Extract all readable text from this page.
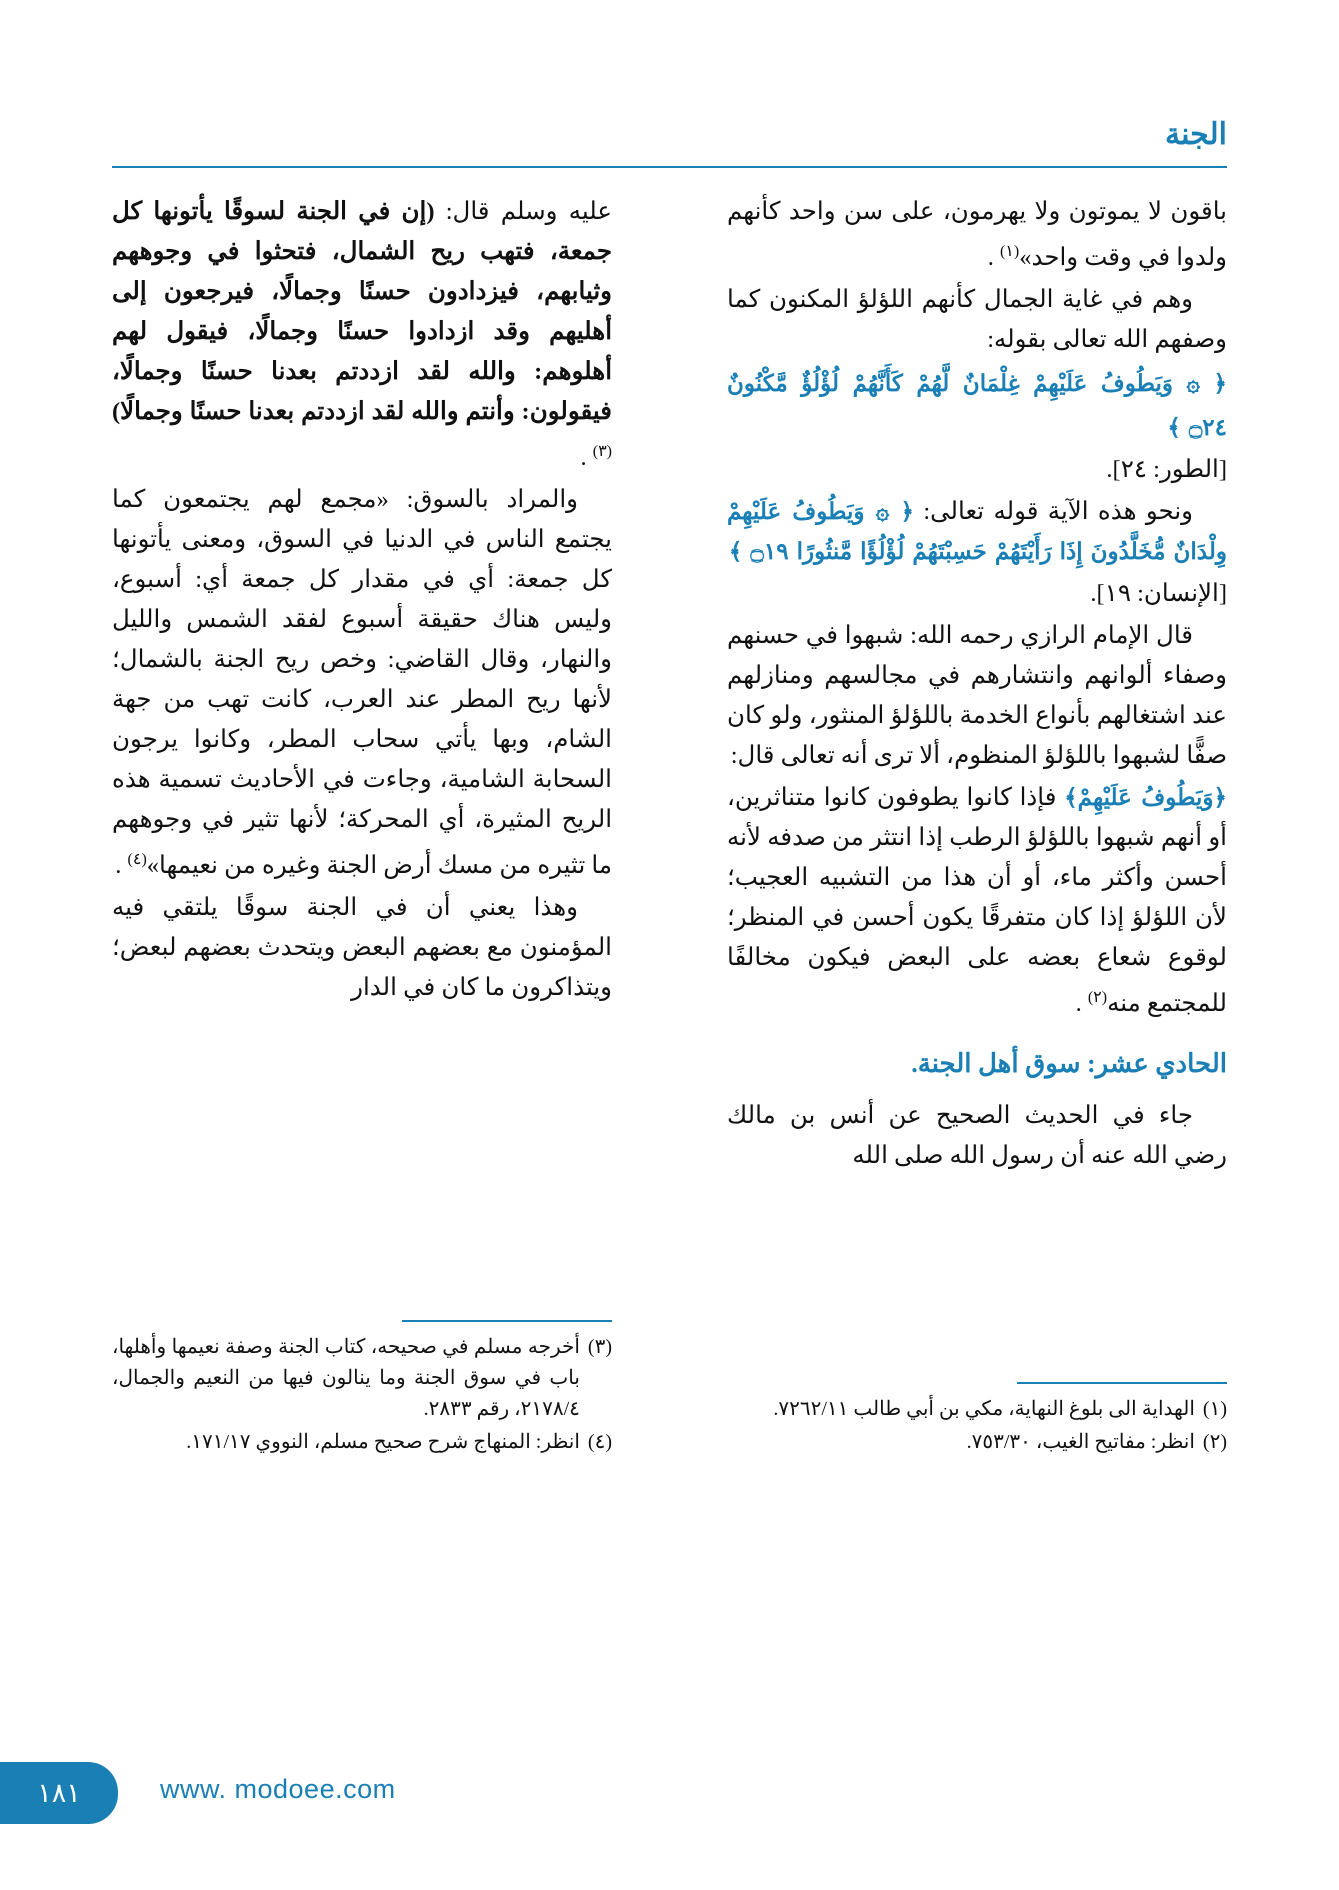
الجنة

باقون لا يموتون ولا يهرمون، على سن واحد كأنهم ولدوا في وقت واحد»$^{(١)}$ .

وهم في غاية الجمال كأنهم اللؤلؤ المكنون كما وصفهم الله تعالى بقوله:

﴿ ۞ وَيَطُوفُ عَلَيْهِمْ غِلْمَانٌ لَّهُمْ كَأَنَّهُمْ لُؤْلُؤٌ مَّكْنُونٌ ۝٢٤ ﴾

[الطور: ٢٤].

ونحو هذه الآية قوله تعالى: ﴿ ۞ وَيَطُوفُ عَلَيْهِمْ وِلْدَانٌ مُّخَلَّدُونَ إِذَا رَأَيْتَهُمْ حَسِبْتَهُمْ لُؤْلُؤًا مَّنثُورًا ۝١٩ ﴾

[الإنسان: ١٩].

قال الإمام الرازي رحمه الله: شبهوا في حسنهم وصفاء ألوانهم وانتشارهم في مجالسهم ومنازلهم عند اشتغالهم بأنواع الخدمة باللؤلؤ المنثور، ولو كان صفًّا لشبهوا باللؤلؤ المنظوم، ألا ترى أنه تعالى قال:

﴿وَيَطُوفُ عَلَيْهِمْ﴾ فإذا كانوا يطوفون كانوا متناثرين، أو أنهم شبهوا باللؤلؤ الرطب إذا انتثر من صدفه لأنه أحسن وأكثر ماء، أو أن هذا من التشبيه العجيب؛ لأن اللؤلؤ إذا كان متفرقًا يكون أحسن في المنظر؛ لوقوع شعاع بعضه على البعض فيكون مخالفًا للمجتمع منه$^{(٢)}$ .

الحادي عشر: سوق أهل الجنة.

جاء في الحديث الصحيح عن أنس بن مالك رضي الله عنه أن رسول الله صلى الله

عليه وسلم قال: (إن في الجنة لسوقًا يأتونها كل جمعة، فتهب ريح الشمال، فتحثوا في وجوههم وثيابهم، فيزدادون حسنًا وجمالًا، فيرجعون إلى أهليهم وقد ازدادوا حسنًا وجمالًا، فيقول لهم أهلوهم: والله لقد ازددتم بعدنا حسنًا وجمالًا، فيقولون: وأنتم والله لقد ازددتم بعدنا حسنًا وجمالًا)$^{(٣)}$ .

والمراد بالسوق: «مجمع لهم يجتمعون كما يجتمع الناس في الدنيا في السوق، ومعنى يأتونها كل جمعة: أي في مقدار كل جمعة أي: أسبوع، وليس هناك حقيقة أسبوع لفقد الشمس والليل والنهار، وقال القاضي: وخص ريح الجنة بالشمال؛ لأنها ريح المطر عند العرب، كانت تهب من جهة الشام، وبها يأتي سحاب المطر، وكانوا يرجون السحابة الشامية، وجاءت في الأحاديث تسمية هذه الريح المثيرة، أي المحركة؛ لأنها تثير في وجوههم ما تثيره من مسك أرض الجنة وغيره من نعيمها»$^{(٤)}$ .

وهذا يعني أن في الجنة سوقًا يلتقي فيه المؤمنون مع بعضهم البعض ويتحدث بعضهم لبعض؛ ويتذاكرون ما كان في الدار

(١)
الهداية الى بلوغ النهاية، مكي بن أبي طالب ٧٢٦٢/١١.
(٢)
انظر: مفاتيح الغيب، ٧٥٣/٣٠.
(٣)
أخرجه مسلم في صحيحه، كتاب الجنة وصفة نعيمها وأهلها، باب في سوق الجنة وما ينالون فيها من النعيم والجمال، ٢١٧٨/٤، رقم ٢٨٣٣.
(٤)
انظر: المنهاج شرح صحيح مسلم، النووي ١٧١/١٧.
١٨١	www. modoee.com
